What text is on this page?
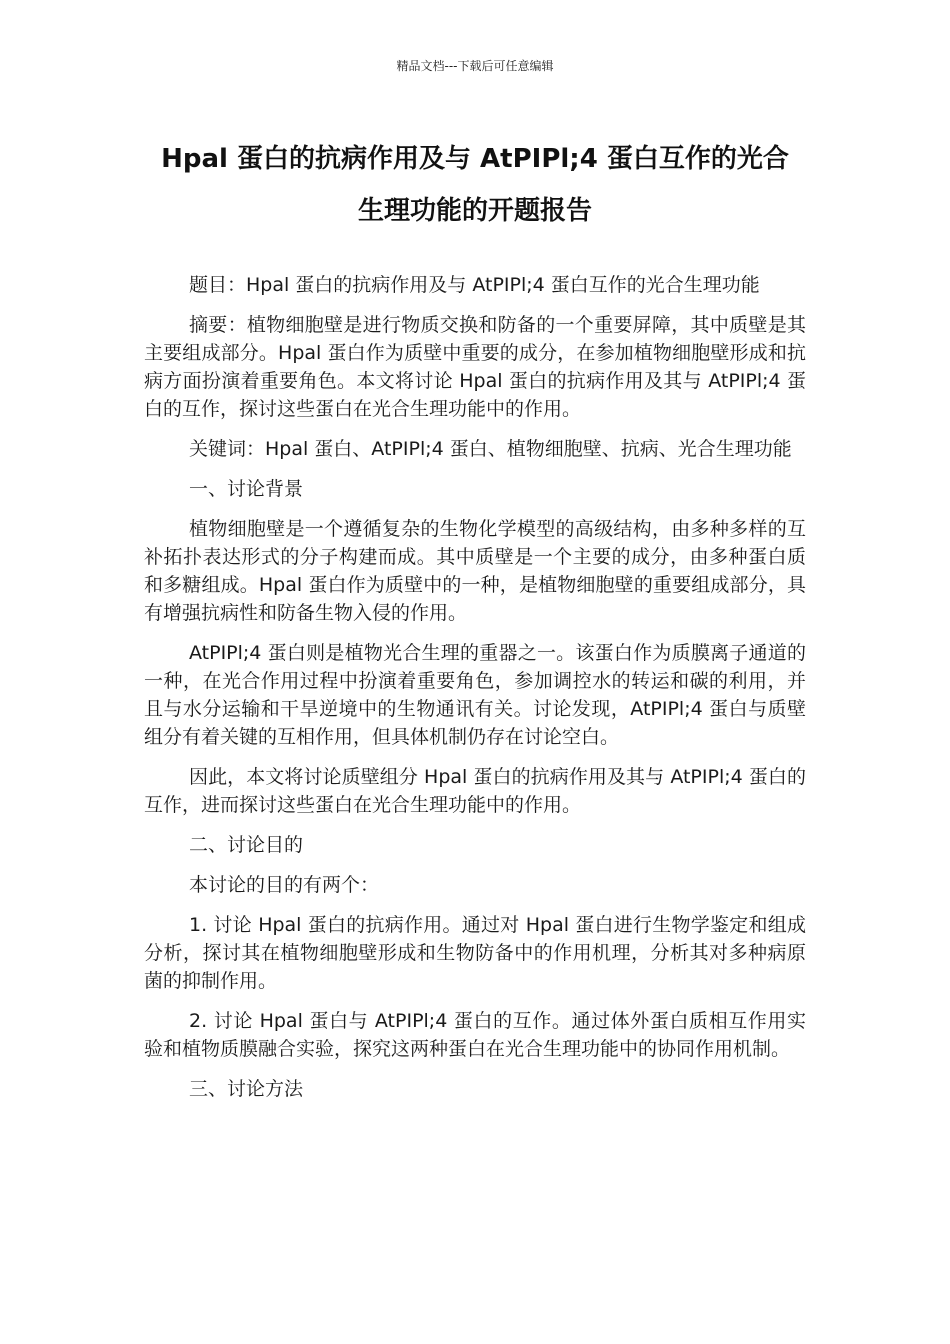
精品文档---下载后可任意编辑
Hpal 蛋白的抗病作用及与 AtPIPl;4 蛋白互作的光合
生理功能的开题报告

题目：Hpal 蛋白的抗病作用及与 AtPIPl;4 蛋白互作的光合生理功能

摘要：植物细胞壁是进行物质交换和防备的一个重要屏障，其中质壁是其主要组成部分。Hpal 蛋白作为质壁中重要的成分，在参加植物细胞壁形成和抗病方面扮演着重要角色。本文将讨论 Hpal 蛋白的抗病作用及其与 AtPIPl;4 蛋白的互作，探讨这些蛋白在光合生理功能中的作用。

关键词：Hpal 蛋白、AtPIPl;4 蛋白、植物细胞壁、抗病、光合生理功能

一、讨论背景

植物细胞壁是一个遵循复杂的生物化学模型的高级结构，由多种多样的互补拓扑表达形式的分子构建而成。其中质壁是一个主要的成分，由多种蛋白质和多糖组成。Hpal 蛋白作为质壁中的一种，是植物细胞壁的重要组成部分，具有增强抗病性和防备生物入侵的作用。

AtPIPl;4 蛋白则是植物光合生理的重器之一。该蛋白作为质膜离子通道的一种，在光合作用过程中扮演着重要角色，参加调控水的转运和碳的利用，并且与水分运输和干旱逆境中的生物通讯有关。讨论发现，AtPIPl;4 蛋白与质壁组分有着关键的互相作用，但具体机制仍存在讨论空白。

因此，本文将讨论质壁组分 Hpal 蛋白的抗病作用及其与 AtPIPl;4 蛋白的互作，进而探讨这些蛋白在光合生理功能中的作用。

二、讨论目的

本讨论的目的有两个：

1. 讨论 Hpal 蛋白的抗病作用。通过对 Hpal 蛋白进行生物学鉴定和组成分析，探讨其在植物细胞壁形成和生物防备中的作用机理，分析其对多种病原菌的抑制作用。

2. 讨论 Hpal 蛋白与 AtPIPl;4 蛋白的互作。通过体外蛋白质相互作用实验和植物质膜融合实验，探究这两种蛋白在光合生理功能中的协同作用机制。

三、讨论方法
